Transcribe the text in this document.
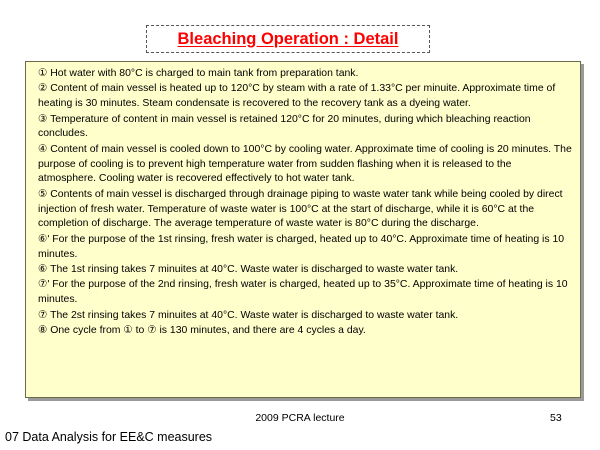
Bleaching Operation : Detail

① Hot water with 80°C is charged to main tank from preparation tank.

② Content of main vessel is heated up to 120°C by steam with a rate of 1.33°C per minuite. Approximate time of heating is 30 minutes. Steam condensate is recovered to the recovery tank as a dyeing water.

③ Temperature of content in main vessel is retained 120°C for 20 minutes, during which bleaching reaction concludes.

④ Content of main vessel is cooled down to 100°C by cooling water. Approximate time of cooling is 20 minutes. The purpose of cooling is to prevent high temperature water from sudden flashing when it is released to the atmosphere. Cooling water is recovered effectively to hot water tank.

⑤ Contents of main vessel is discharged through drainage piping to waste water tank while being cooled by direct injection of fresh water. Temperature of waste water is 100°C at the start of discharge, while it is 60°C at the completion of discharge. The average temperature of waste water is 80°C during the discharge.

⑥' For the purpose of the 1st rinsing, fresh water is charged, heated up to 40°C. Approximate time of heating is 10 minutes.

⑥ The 1st rinsing takes 7 minuites at 40°C. Waste water is discharged to waste water tank.

⑦' For the purpose of the 2nd rinsing, fresh water is charged, heated up to 35°C. Approximate time of heating is 10 minutes.

⑦ The 2st rinsing takes 7 minuites at 40°C. Waste water is discharged to waste water tank.

⑧ One cycle from ① to ⑦ is 130 minutes, and there are 4 cycles a day.

2009 PCRA lecture	53
07 Data Analysis for EE&C measures
